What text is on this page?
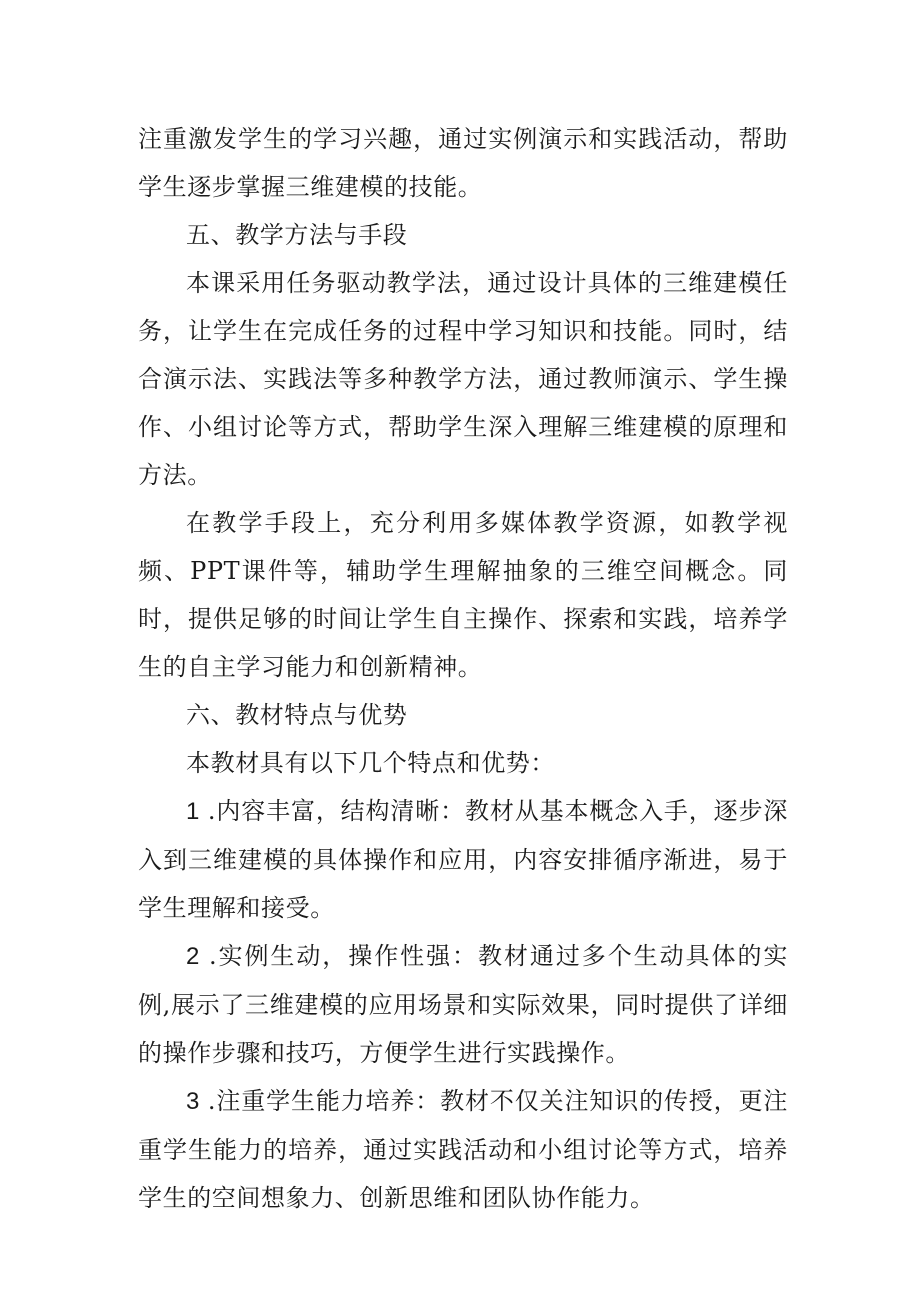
注重激发学生的学习兴趣，通过实例演示和实践活动，帮助学生逐步掌握三维建模的技能。

五、教学方法与手段

本课采用任务驱动教学法，通过设计具体的三维建模任务，让学生在完成任务的过程中学习知识和技能。同时，结合演示法、实践法等多种教学方法，通过教师演示、学生操作、小组讨论等方式，帮助学生深入理解三维建模的原理和方法。

在教学手段上，充分利用多媒体教学资源，如教学视频、PPT课件等，辅助学生理解抽象的三维空间概念。同时，提供足够的时间让学生自主操作、探索和实践，培养学生的自主学习能力和创新精神。

六、教材特点与优势

本教材具有以下几个特点和优势：

1 .内容丰富，结构清晰：教材从基本概念入手，逐步深入到三维建模的具体操作和应用，内容安排循序渐进，易于学生理解和接受。

2 .实例生动，操作性强：教材通过多个生动具体的实例,展示了三维建模的应用场景和实际效果，同时提供了详细的操作步骤和技巧，方便学生进行实践操作。

3 .注重学生能力培养：教材不仅关注知识的传授，更注重学生能力的培养，通过实践活动和小组讨论等方式，培养学生的空间想象力、创新思维和团队协作能力。
